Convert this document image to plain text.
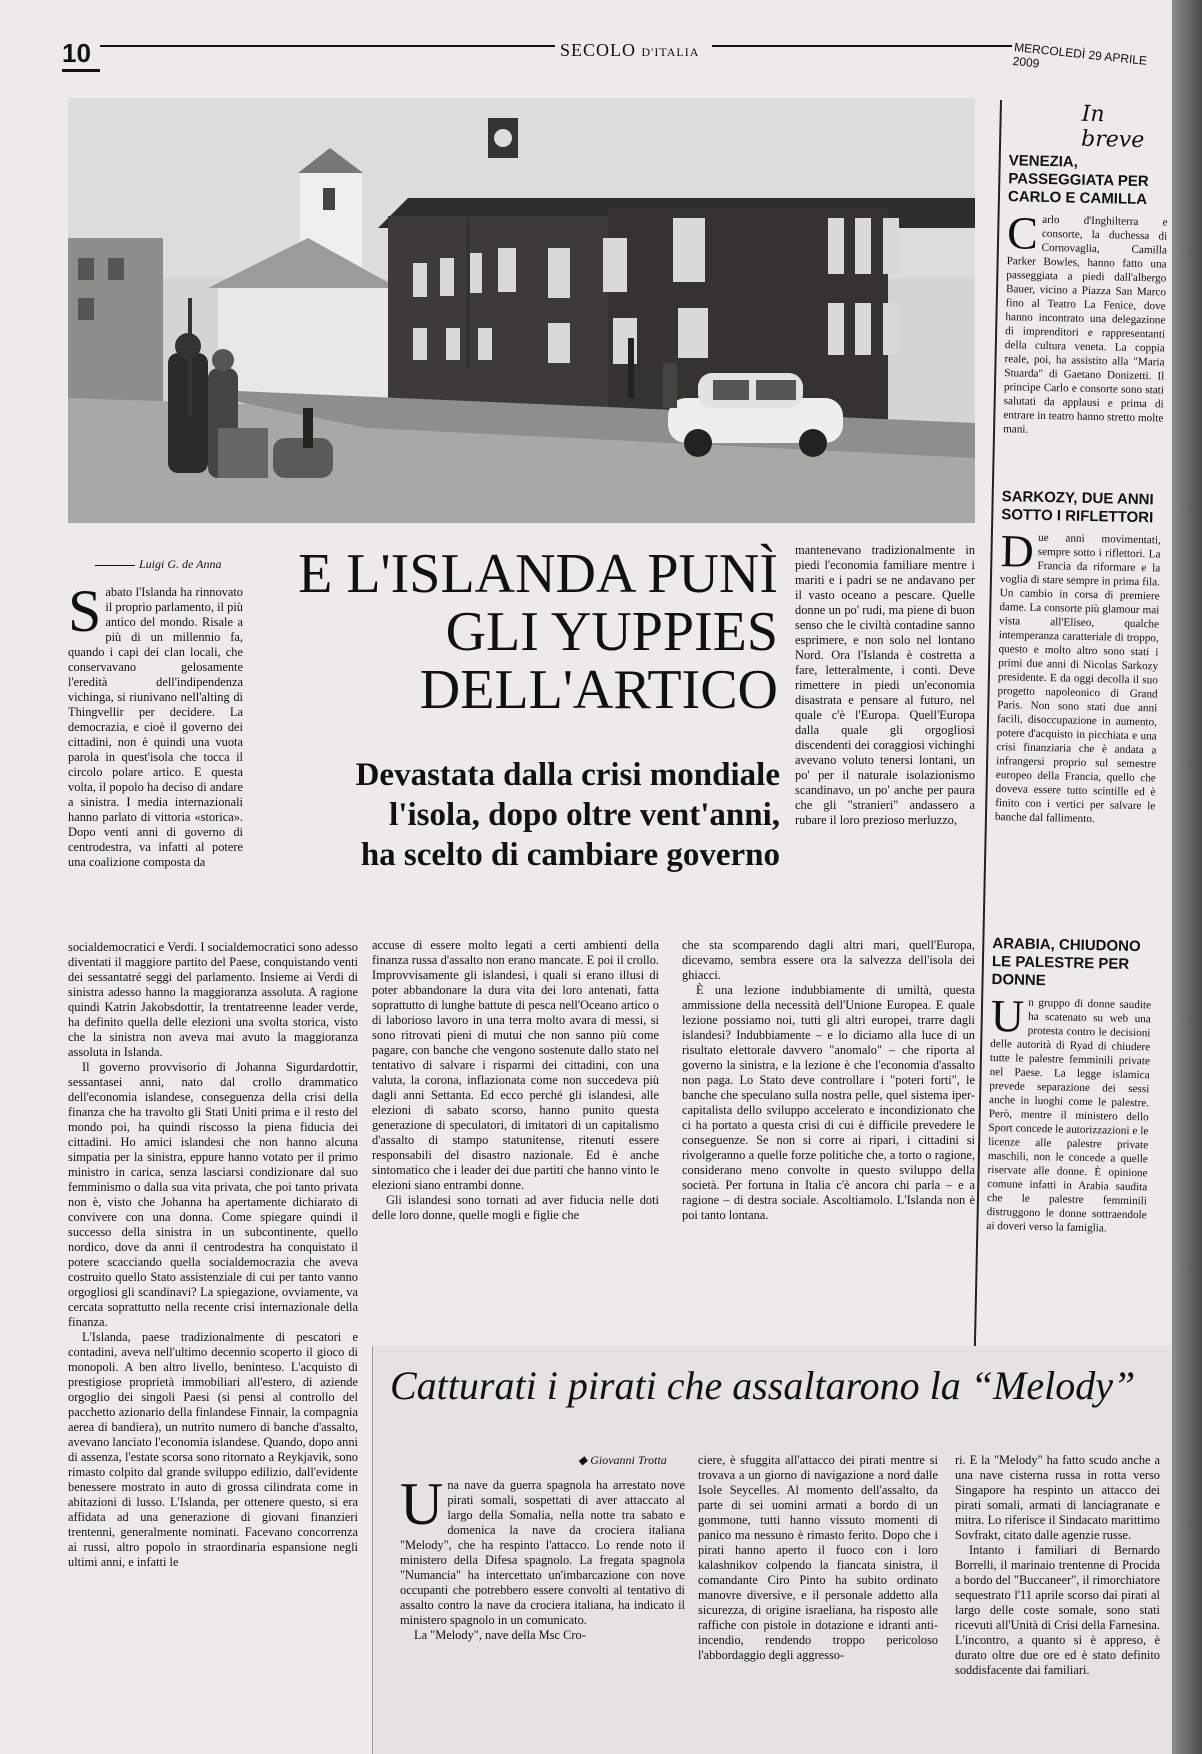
10	SECOLO D'ITALIA	MERCOLEDÌ 29 APRILE 2009
In breve
VENEZIA, PASSEGGIATA PER CARLO E CAMILLA

Carlo d'Inghilterra e consorte, la duchessa di Cornovaglia, Camilla Parker Bowles, hanno fatto una passeggiata a piedi dall'albergo Bauer, vicino a Piazza San Marco fino al Teatro La Fenice, dove hanno incontrato una delegazione di imprenditori e rappresentanti della cultura veneta. La coppia reale, poi, ha assistito alla "Maria Stuarda" di Gaetano Donizetti. Il principe Carlo e consorte sono stati salutati da applausi e prima di entrare in teatro hanno stretto molte mani.

SARKOZY, DUE ANNI SOTTO I RIFLETTORI

Due anni movimentati, sempre sotto i riflettori. La Francia da riformare e la voglia di stare sempre in prima fila. Un cambio in corsa di premiere dame. La consorte più glamour mai vista all'Eliseo, qualche intemperanza caratteriale di troppo, questo e molto altro sono stati i primi due anni di Nicolas Sarkozy presidente. E da oggi decolla il suo progetto napoleonico di Grand Paris. Non sono stati due anni facili, disoccupazione in aumento, potere d'acquisto in picchiata e una crisi finanziaria che è andata a infrangersi proprio sul semestre europeo della Francia, quello che doveva essere tutto scintille ed è finito con i vertici per salvare le banche dal fallimento.

ARABIA, CHIUDONO LE PALESTRE PER DONNE

Un gruppo di donne saudite ha scatenato su web una protesta contro le decisioni delle autorità di Ryad di chiudere tutte le palestre femminili private nel Paese. La legge islamica prevede separazione dei sessi anche in luoghi come le palestre. Però, mentre il ministero dello Sport concede le autorizzazioni e le licenze alle palestre private maschili, non le concede a quelle riservate alle donne. È opinione comune infatti in Arabia saudita che le palestre femminili distruggono le donne sottraendole ai doveri verso la famiglia.

Luigi G. de Anna	E L'ISLANDA PUNÌ
GLI YUPPIES
DELL'ARTICO
Devastata dalla crisi mondiale
l'isola, dopo oltre vent'anni,
ha scelto di cambiare governo

Sabato l'Islanda ha rinnovato il proprio parlamento, il più antico del mondo. Risale a più di un millennio fa, quando i capi dei clan locali, che conservavano gelosamente l'eredità dell'indipendenza vichinga, si riunivano nell'alting di Thingvellir per decidere. La democrazia, e cioè il governo dei cittadini, non è quindi una vuota parola in quest'isola che tocca il circolo polare artico. E questa volta, il popolo ha deciso di andare a sinistra. I media internazionali hanno parlato di vittoria «storica». Dopo venti anni di governo di centrodestra, va infatti al potere una coalizione composta da

socialdemocratici e Verdi. I socialdemocratici sono adesso diventati il maggiore partito del Paese, conquistando venti dei sessantatré seggi del parlamento. Insieme ai Verdi di sinistra adesso hanno la maggioranza assoluta. A ragione quindi Katrin Jakobsdottir, la trentatreenne leader verde, ha definito quella delle elezioni una svolta storica, visto che la sinistra non aveva mai avuto la maggioranza assoluta in Islanda.

Il governo provvisorio di Johanna Sigurdardottir, sessantasei anni, nato dal crollo drammatico dell'economia islandese, conseguenza della crisi della finanza che ha travolto gli Stati Uniti prima e il resto del mondo poi, ha quindi riscosso la piena fiducia dei cittadini. Ho amici islandesi che non hanno alcuna simpatia per la sinistra, eppure hanno votato per il primo ministro in carica, senza lasciarsi condizionare dal suo femminismo o dalla sua vita privata, che poi tanto privata non è, visto che Johanna ha apertamente dichiarato di convivere con una donna. Come spiegare quindi il successo della sinistra in un subcontinente, quello nordico, dove da anni il centrodestra ha conquistato il potere scacciando quella socialdemocrazia che aveva costruito quello Stato assistenziale di cui per tanto vanno orgogliosi gli scandinavi? La spiegazione, ovviamente, va cercata soprattutto nella recente crisi internazionale della finanza.

L'Islanda, paese tradizionalmente di pescatori e contadini, aveva nell'ultimo decennio scoperto il gioco di monopoli. A ben altro livello, beninteso. L'acquisto di prestigiose proprietà immobiliari all'estero, di aziende orgoglio dei singoli Paesi (si pensi al controllo del pacchetto azionario della finlandese Finnair, la compagnia aerea di bandiera), un nutrito numero di banche d'assalto, avevano lanciato l'economia islandese. Quando, dopo anni di assenza, l'estate scorsa sono ritornato a Reykjavik, sono rimasto colpito dal grande sviluppo edilizio, dall'evidente benessere mostrato in auto di grossa cilindrata come in abitazioni di lusso. L'Islanda, per ottenere questo, si era affidata ad una generazione di giovani finanzieri trentenni, generalmente nominati. Facevano concorrenza ai russi, altro popolo in straordinaria espansione negli ultimi anni, e infatti le

accuse di essere molto legati a certi ambienti della finanza russa d'assalto non erano mancate. E poi il crollo. Improvvisamente gli islandesi, i quali si erano illusi di poter abbandonare la dura vita dei loro antenati, fatta soprattutto di lunghe battute di pesca nell'Oceano artico o di laborioso lavoro in una terra molto avara di messi, si sono ritrovati pieni di mutui che non sanno più come pagare, con banche che vengono sostenute dallo stato nel tentativo di salvare i risparmi dei cittadini, con una valuta, la corona, inflazionata come non succedeva più dagli anni Settanta. Ed ecco perché gli islandesi, alle elezioni di sabato scorso, hanno punito questa generazione di speculatori, di imitatori di un capitalismo d'assalto di stampo statunitense, ritenuti essere responsabili del disastro nazionale. Ed è anche sintomatico che i leader dei due partiti che hanno vinto le elezioni siano entrambi donne.

Gli islandesi sono tornati ad aver fiducia nelle doti delle loro donne, quelle mogli e figlie che

mantenevano tradizionalmente in piedi l'economia familiare mentre i mariti e i padri se ne andavano per il vasto oceano a pescare. Quelle donne un po' rudi, ma piene di buon senso che le civiltà contadine sanno esprimere, e non solo nel lontano Nord. Ora l'Islanda è costretta a fare, letteralmente, i conti. Deve rimettere in piedi un'economia disastrata e pensare al futuro, nel quale c'è l'Europa. Quell'Europa dalla quale gli orgogliosi discendenti dei coraggiosi vichinghi avevano voluto tenersi lontani, un po' per il naturale isolazionismo scandinavo, un po' anche per paura che gli "stranieri" andassero a rubare il loro prezioso merluzzo,

che sta scomparendo dagli altri mari, quell'Europa, dicevamo, sembra essere ora la salvezza dell'isola dei ghiacci.

È una lezione indubbiamente di umiltà, questa ammissione della necessità dell'Unione Europea. E quale lezione possiamo noi, tutti gli altri europei, trarre dagli islandesi? Indubbiamente – e lo diciamo alla luce di un risultato elettorale davvero "anomalo" – che riporta al governo la sinistra, e la lezione è che l'economia d'assalto non paga. Lo Stato deve controllare i "poteri forti", le banche che speculano sulla nostra pelle, quel sistema iper-capitalista dello sviluppo accelerato e incondizionato che ci ha portato a questa crisi di cui è difficile prevedere le conseguenze. Se non si corre ai ripari, i cittadini si rivolgeranno a quelle forze politiche che, a torto o ragione, considerano meno convolte in questo sviluppo della società. Per fortuna in Italia c'è ancora chi parla – e a ragione – di destra sociale. Ascoltiamolo. L'Islanda non è poi tanto lontana.

Catturati i pirati che assaltarono la “Melody”
◆ Giovanni Trotta

Una nave da guerra spagnola ha arrestato nove pirati somali, sospettati di aver attaccato al largo della Somalia, nella notte tra sabato e domenica la nave da crociera italiana "Melody", che ha respinto l'attacco. Lo rende noto il ministero della Difesa spagnolo. La fregata spagnola "Numancia" ha intercettato un'imbarcazione con nove occupanti che potrebbero essere convolti al tentativo di assalto contro la nave da crociera italiana, ha indicato il ministero spagnolo in un comunicato.

La "Melody", nave della Msc Cro-

ciere, è sfuggita all'attacco dei pirati mentre si trovava a un giorno di navigazione a nord dalle Isole Seycelles. Al momento dell'assalto, da parte di sei uomini armati a bordo di un gommone, tutti hanno vissuto momenti di panico ma nessuno è rimasto ferito. Dopo che i pirati hanno aperto il fuoco con i loro kalashnikov colpendo la fiancata sinistra, il comandante Ciro Pinto ha subito ordinato manovre diversive, e il personale addetto alla sicurezza, di origine israeliana, ha risposto alle raffiche con pistole in dotazione e idranti anti-incendio, rendendo troppo pericoloso l'abbordaggio degli aggresso-

ri. E la "Melody" ha fatto scudo anche a una nave cisterna russa in rotta verso Singapore ha respinto un attacco dei pirati somali, armati di lanciagranate e mitra. Lo riferisce il Sindacato marittimo Sovfrakt, citato dalle agenzie russe.

Intanto i familiari di Bernardo Borrelli, il marinaio trentenne di Procida a bordo del "Buccaneer", il rimorchiatore sequestrato l'11 aprile scorso dai pirati al largo delle coste somale, sono stati ricevuti all'Unità di Crisi della Farnesina. L'incontro, a quanto si è appreso, è durato oltre due ore ed è stato definito soddisfacente dai familiari.
